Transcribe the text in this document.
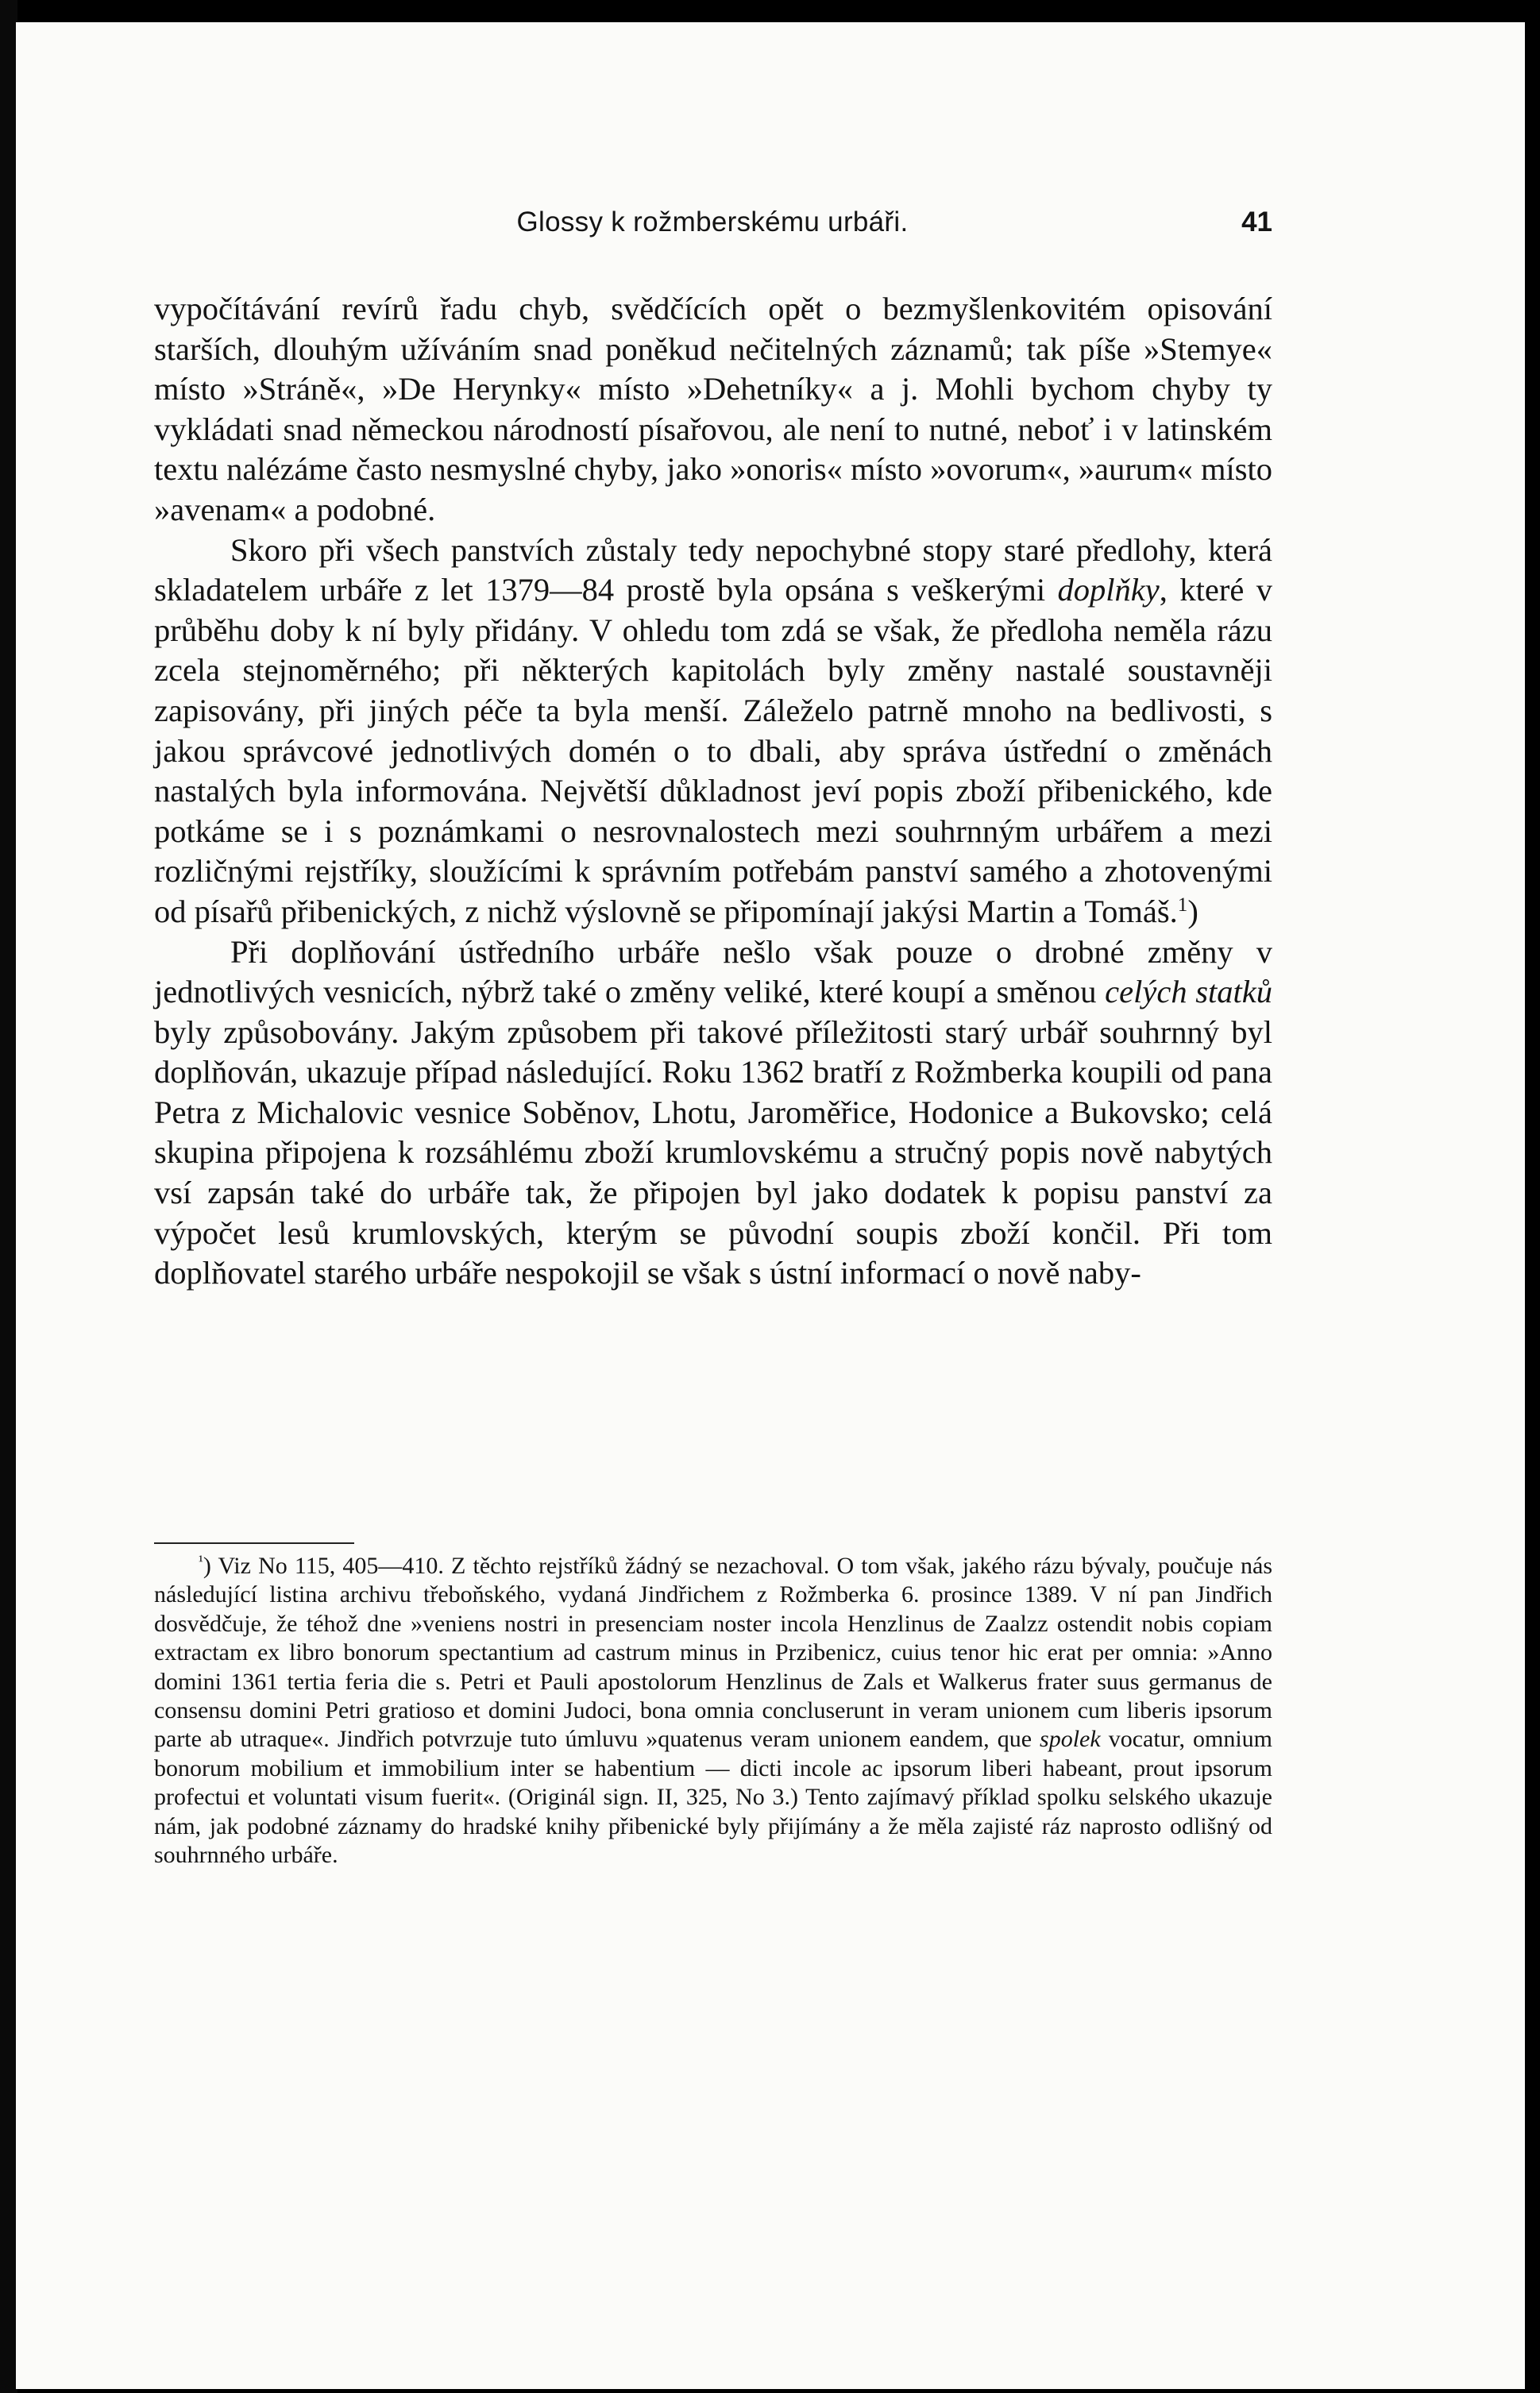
Glossy k rožmberskému urbáři.	41

vypočítávání revírů řadu chyb, svědčících opět o bezmyšlenkovitém opisování starších, dlouhým užíváním snad poněkud nečitelných záznamů; tak píše »Stemye« místo »Stráně«, »De Herynky« místo »Dehetníky« a j. Mohli bychom chyby ty vykládati snad německou národností písařovou, ale není to nutné, neboť i v latinském textu nalézáme často nesmyslné chyby, jako »onoris« místo »ovorum«, »aurum« místo »avenam« a podobné.

Skoro při všech panstvích zůstaly tedy nepochybné stopy staré předlohy, která skladatelem urbáře z let 1379—84 prostě byla opsána s veškerými doplňky, které v průběhu doby k ní byly přidány. V ohledu tom zdá se však, že předloha neměla rázu zcela stejnoměrného; při některých kapitolách byly změny nastalé soustavněji zapisovány, při jiných péče ta byla menší. Záleželo patrně mnoho na bedlivosti, s jakou správcové jednotlivých domén o to dbali, aby správa ústřední o změnách nastalých byla informována. Největší důkladnost jeví popis zboží přibenického, kde potkáme se i s poznámkami o nesrovnalostech mezi souhrnným urbářem a mezi rozličnými rejstříky, sloužícími k správním potřebám panství samého a zhotovenými od písařů přibenických, z nichž výslovně se připomínají jakýsi Martin a Tomáš.$^1$)

Při doplňování ústředního urbáře nešlo však pouze o drobné změny v jednotlivých vesnicích, nýbrž také o změny veliké, které koupí a směnou celých statků byly způsobovány. Jakým způsobem při takové příležitosti starý urbář souhrnný byl doplňován, ukazuje případ následující. Roku 1362 bratří z Rožmberka koupili od pana Petra z Michalovic vesnice Soběnov, Lhotu, Jaroměřice, Hodonice a Bukovsko; celá skupina připojena k rozsáhlému zboží krumlovskému a stručný popis nově nabytých vsí zapsán také do urbáře tak, že připojen byl jako dodatek k popisu panství za výpočet lesů krumlovských, kterým se původní soupis zboží končil. Při tom doplňovatel starého urbáře nespokojil se však s ústní informací o nově naby-

$^{^1}$) Viz No 115, 405—410. Z těchto rejstříků žádný se nezachoval. O tom však, jakého rázu bývaly, poučuje nás následující listina archivu třeboňského, vydaná Jindřichem z Rožmberka 6. prosince 1389. V ní pan Jindřich dosvědčuje, že téhož dne »veniens nostri in presenciam noster incola Henzlinus de Zaalzz ostendit nobis copiam extractam ex libro bonorum spectantium ad castrum minus in Przibenicz, cuius tenor hic erat per omnia: »Anno domini 1361 tertia feria die s. Petri et Pauli apostolorum Henzlinus de Zals et Walkerus frater suus germanus de consensu domini Petri gratioso et domini Judoci, bona omnia concluserunt in veram unionem cum liberis ipsorum parte ab utraque«. Jindřich potvrzuje tuto úmluvu »quatenus veram unionem eandem, que spolek vocatur, omnium bonorum mobilium et immobilium inter se habentium — dicti incole ac ipsorum liberi habeant, prout ipsorum profectui et voluntati visum fuerit«. (Originál sign. II, 325, No 3.) Tento zajímavý příklad spolku selského ukazuje nám, jak podobné záznamy do hradské knihy přibenické byly přijímány a že měla zajisté ráz naprosto odlišný od souhrnného urbáře.
